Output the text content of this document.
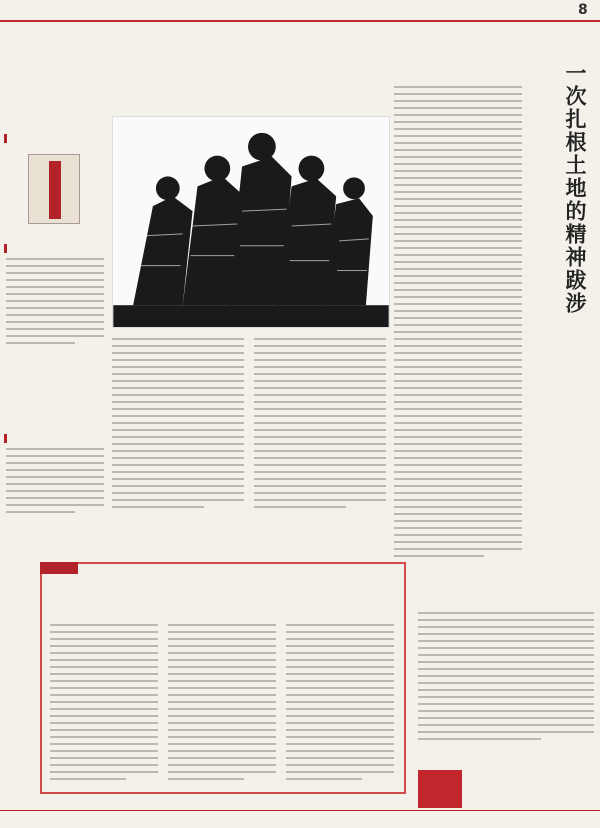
8
一次扎根土地的精神跋涉
